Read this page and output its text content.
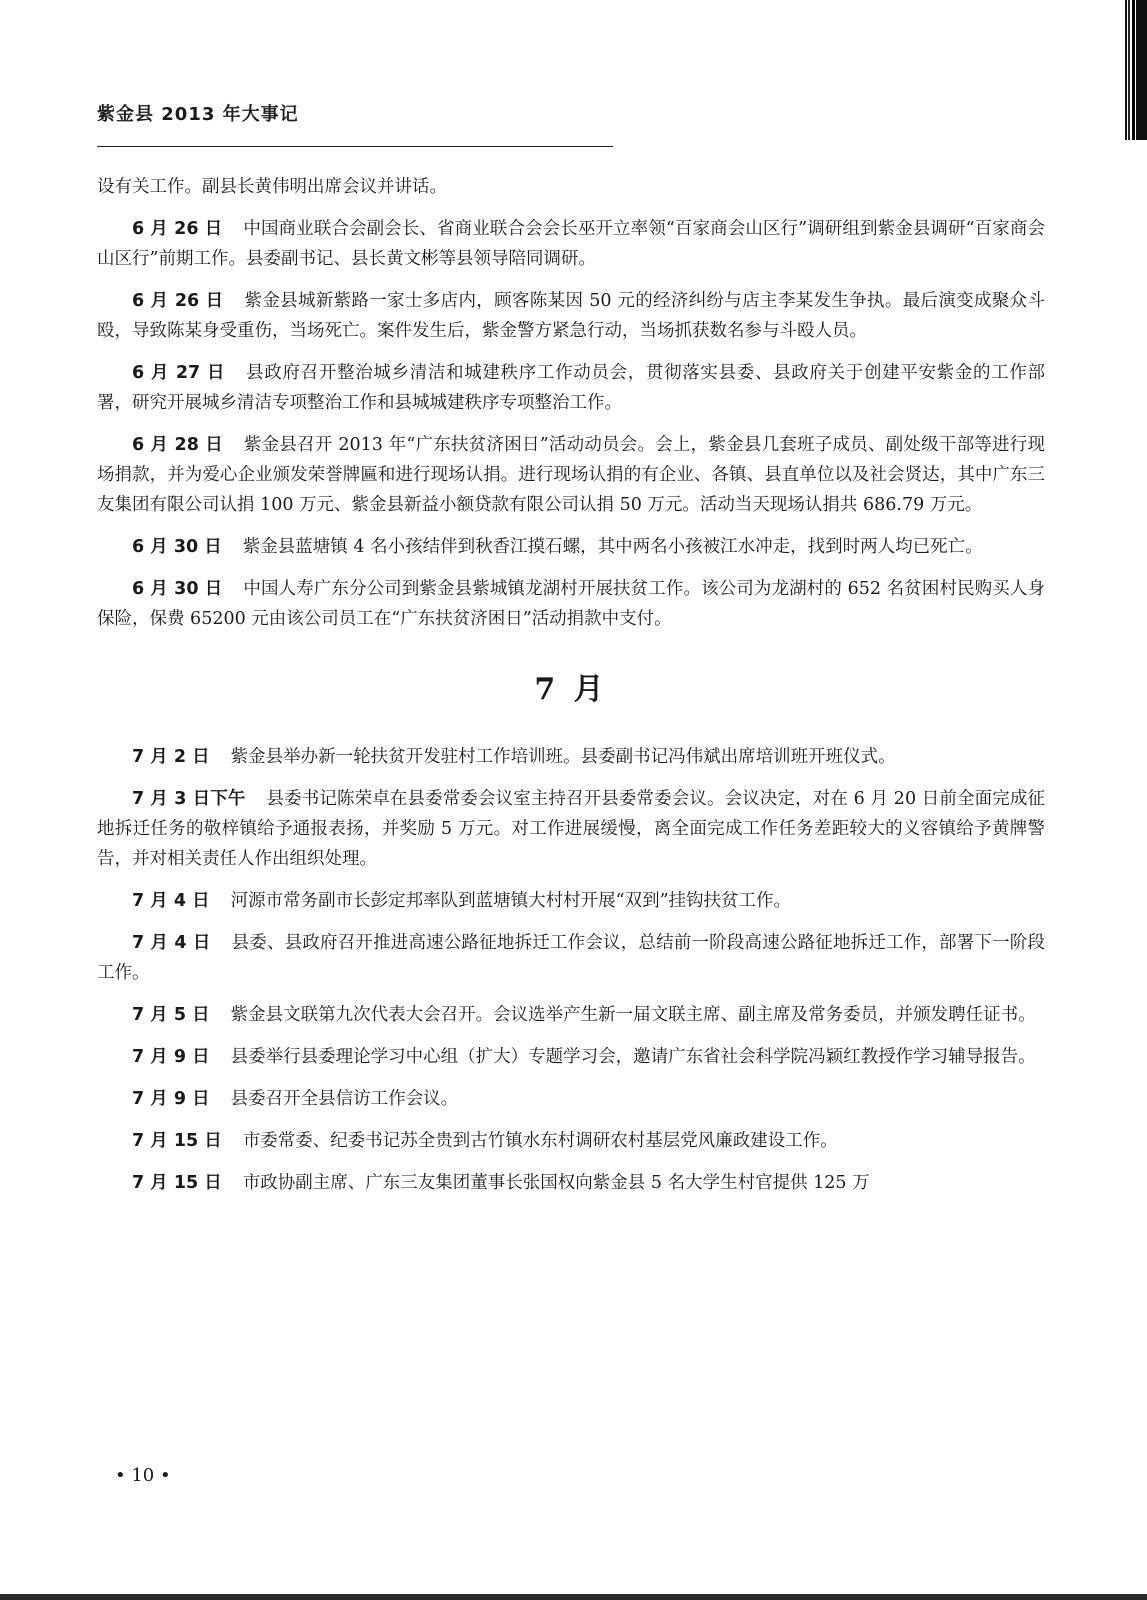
紫金县 2013 年大事记

设有关工作。副县长黄伟明出席会议并讲话。

6 月 26 日 中国商业联合会副会长、省商业联合会会长巫开立率领“百家商会山区行”调研组到紫金县调研“百家商会山区行”前期工作。县委副书记、县长黄文彬等县领导陪同调研。

6 月 26 日 紫金县城新紫路一家士多店内，顾客陈某因 50 元的经济纠纷与店主李某发生争执。最后演变成聚众斗殴，导致陈某身受重伤，当场死亡。案件发生后，紫金警方紧急行动，当场抓获数名参与斗殴人员。

6 月 27 日 县政府召开整治城乡清洁和城建秩序工作动员会，贯彻落实县委、县政府关于创建平安紫金的工作部署，研究开展城乡清洁专项整治工作和县城城建秩序专项整治工作。

6 月 28 日 紫金县召开 2013 年“广东扶贫济困日”活动动员会。会上，紫金县几套班子成员、副处级干部等进行现场捐款，并为爱心企业颁发荣誉牌匾和进行现场认捐。进行现场认捐的有企业、各镇、县直单位以及社会贤达，其中广东三友集团有限公司认捐 100 万元、紫金县新益小额贷款有限公司认捐 50 万元。活动当天现场认捐共 686.79 万元。

6 月 30 日 紫金县蓝塘镇 4 名小孩结伴到秋香江摸石螺，其中两名小孩被江水冲走，找到时两人均已死亡。

6 月 30 日 中国人寿广东分公司到紫金县紫城镇龙湖村开展扶贫工作。该公司为龙湖村的 652 名贫困村民购买人身保险，保费 65200 元由该公司员工在“广东扶贫济困日”活动捐款中支付。

7 月

7 月 2 日 紫金县举办新一轮扶贫开发驻村工作培训班。县委副书记冯伟斌出席培训班开班仪式。

7 月 3 日下午 县委书记陈荣卓在县委常委会议室主持召开县委常委会议。会议决定，对在 6 月 20 日前全面完成征地拆迁任务的敬梓镇给予通报表扬，并奖励 5 万元。对工作进展缓慢，离全面完成工作任务差距较大的义容镇给予黄牌警告，并对相关责任人作出组织处理。

7 月 4 日 河源市常务副市长彭定邦率队到蓝塘镇大村村开展“双到”挂钩扶贫工作。

7 月 4 日 县委、县政府召开推进高速公路征地拆迁工作会议，总结前一阶段高速公路征地拆迁工作，部署下一阶段工作。

7 月 5 日 紫金县文联第九次代表大会召开。会议选举产生新一届文联主席、副主席及常务委员，并颁发聘任证书。

7 月 9 日 县委举行县委理论学习中心组（扩大）专题学习会，邀请广东省社会科学院冯颖红教授作学习辅导报告。

7 月 9 日 县委召开全县信访工作会议。

7 月 15 日 市委常委、纪委书记苏全贵到古竹镇水东村调研农村基层党风廉政建设工作。

7 月 15 日 市政协副主席、广东三友集团董事长张国权向紫金县 5 名大学生村官提供 125 万

• 10 •
